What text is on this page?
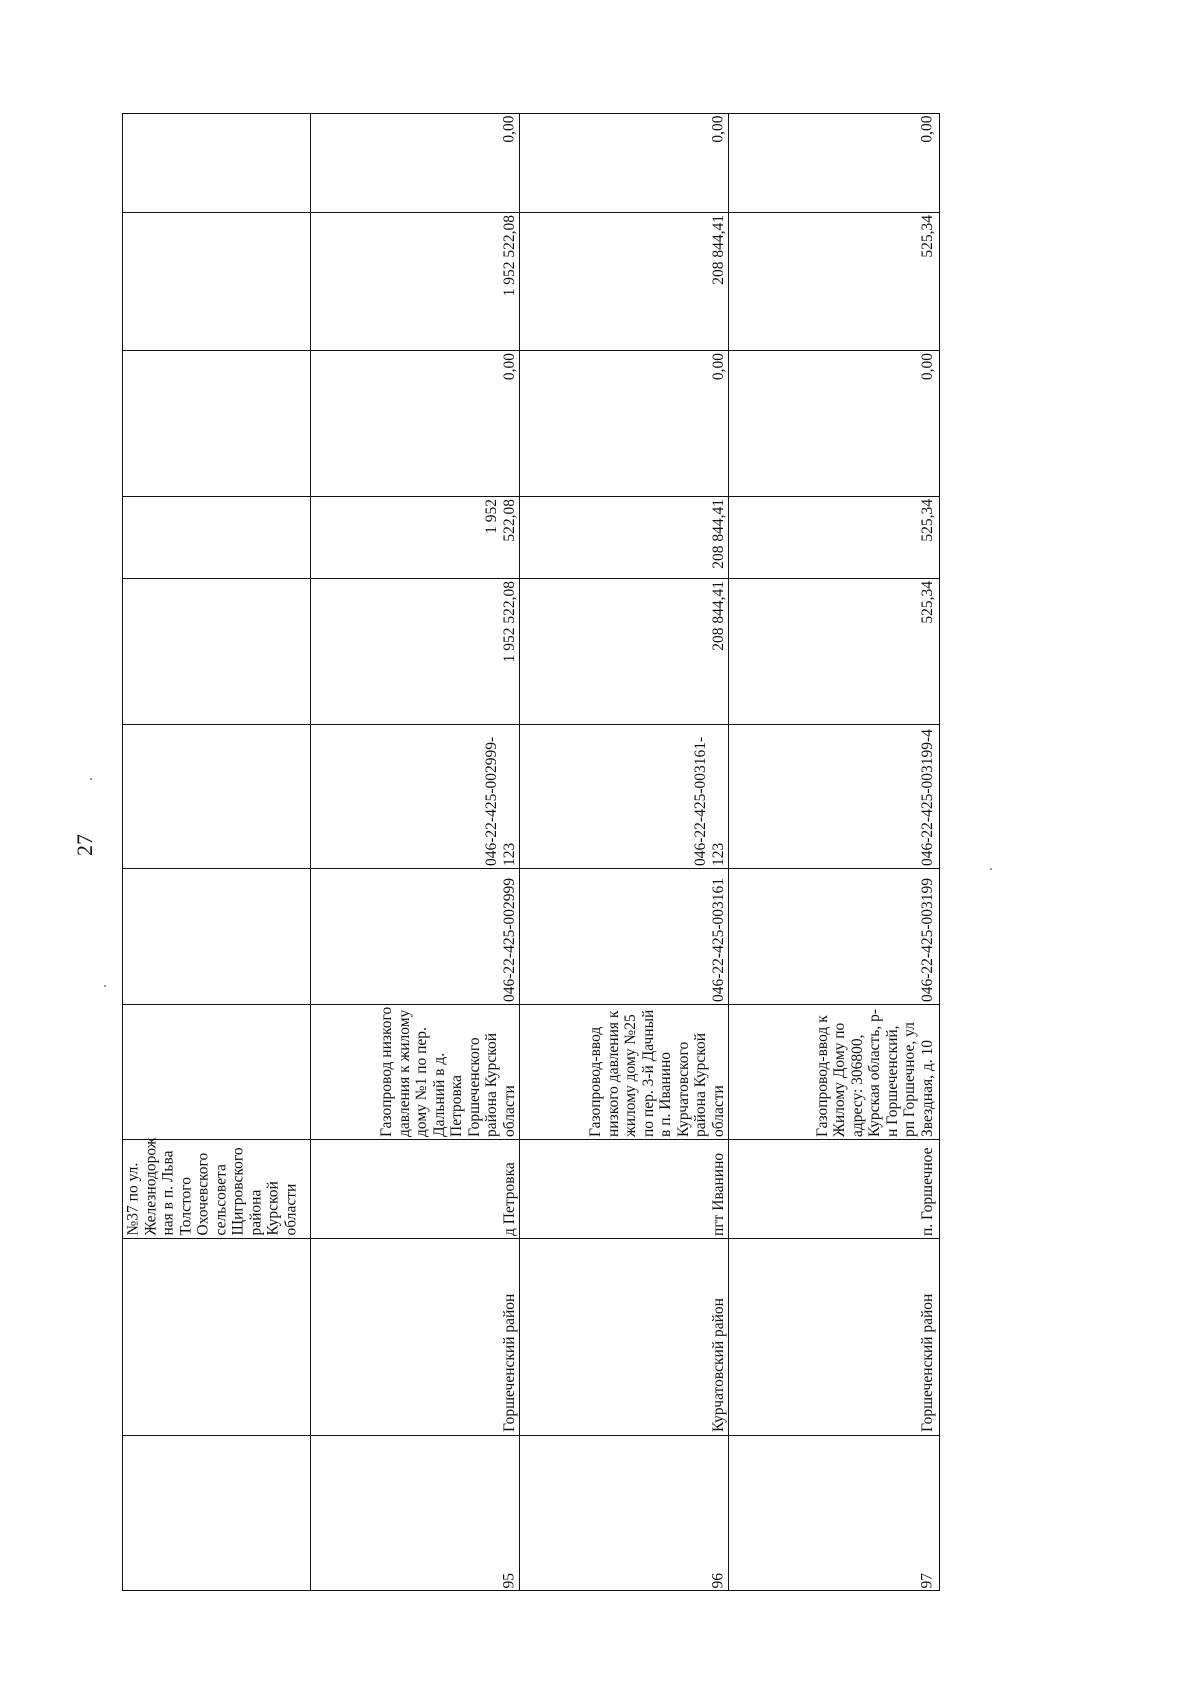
27
№37 по ул. Железнодорож ная в п. Льва Толстого Охочевского сельсовета Щигровского района Курской области
95
Горшеченский район
д Петровка
Газопровод низкого давления к жилому дому №1 по пер. Дальний в д. Петровка Горшеченского района Курской области
046-22-425-002999
046-22-425-002999-123
1 952 522,08
1 952 522,08
0,00
1 952 522,08
0,00
96
Курчатовский район
пгт Иванино
Газопровод-ввод низкого давления к жилому дому №25 по пер. 3-й Дачный в п. Иванино Курчатовского района Курской области
046-22-425-003161
046-22-425-003161-123
208 844,41
208 844,41
0,00
208 844,41
0,00
97
Горшеченский район
п. Горшечное
Газопровод-ввод к Жилому Дому по адресу: 306800, Курская область, р-н Горшеченский, рп Горшечное, ул Звездная, д. 10
046-22-425-003199
046-22-425-003199-4
525,34
525,34
0,00
525,34
0,00
